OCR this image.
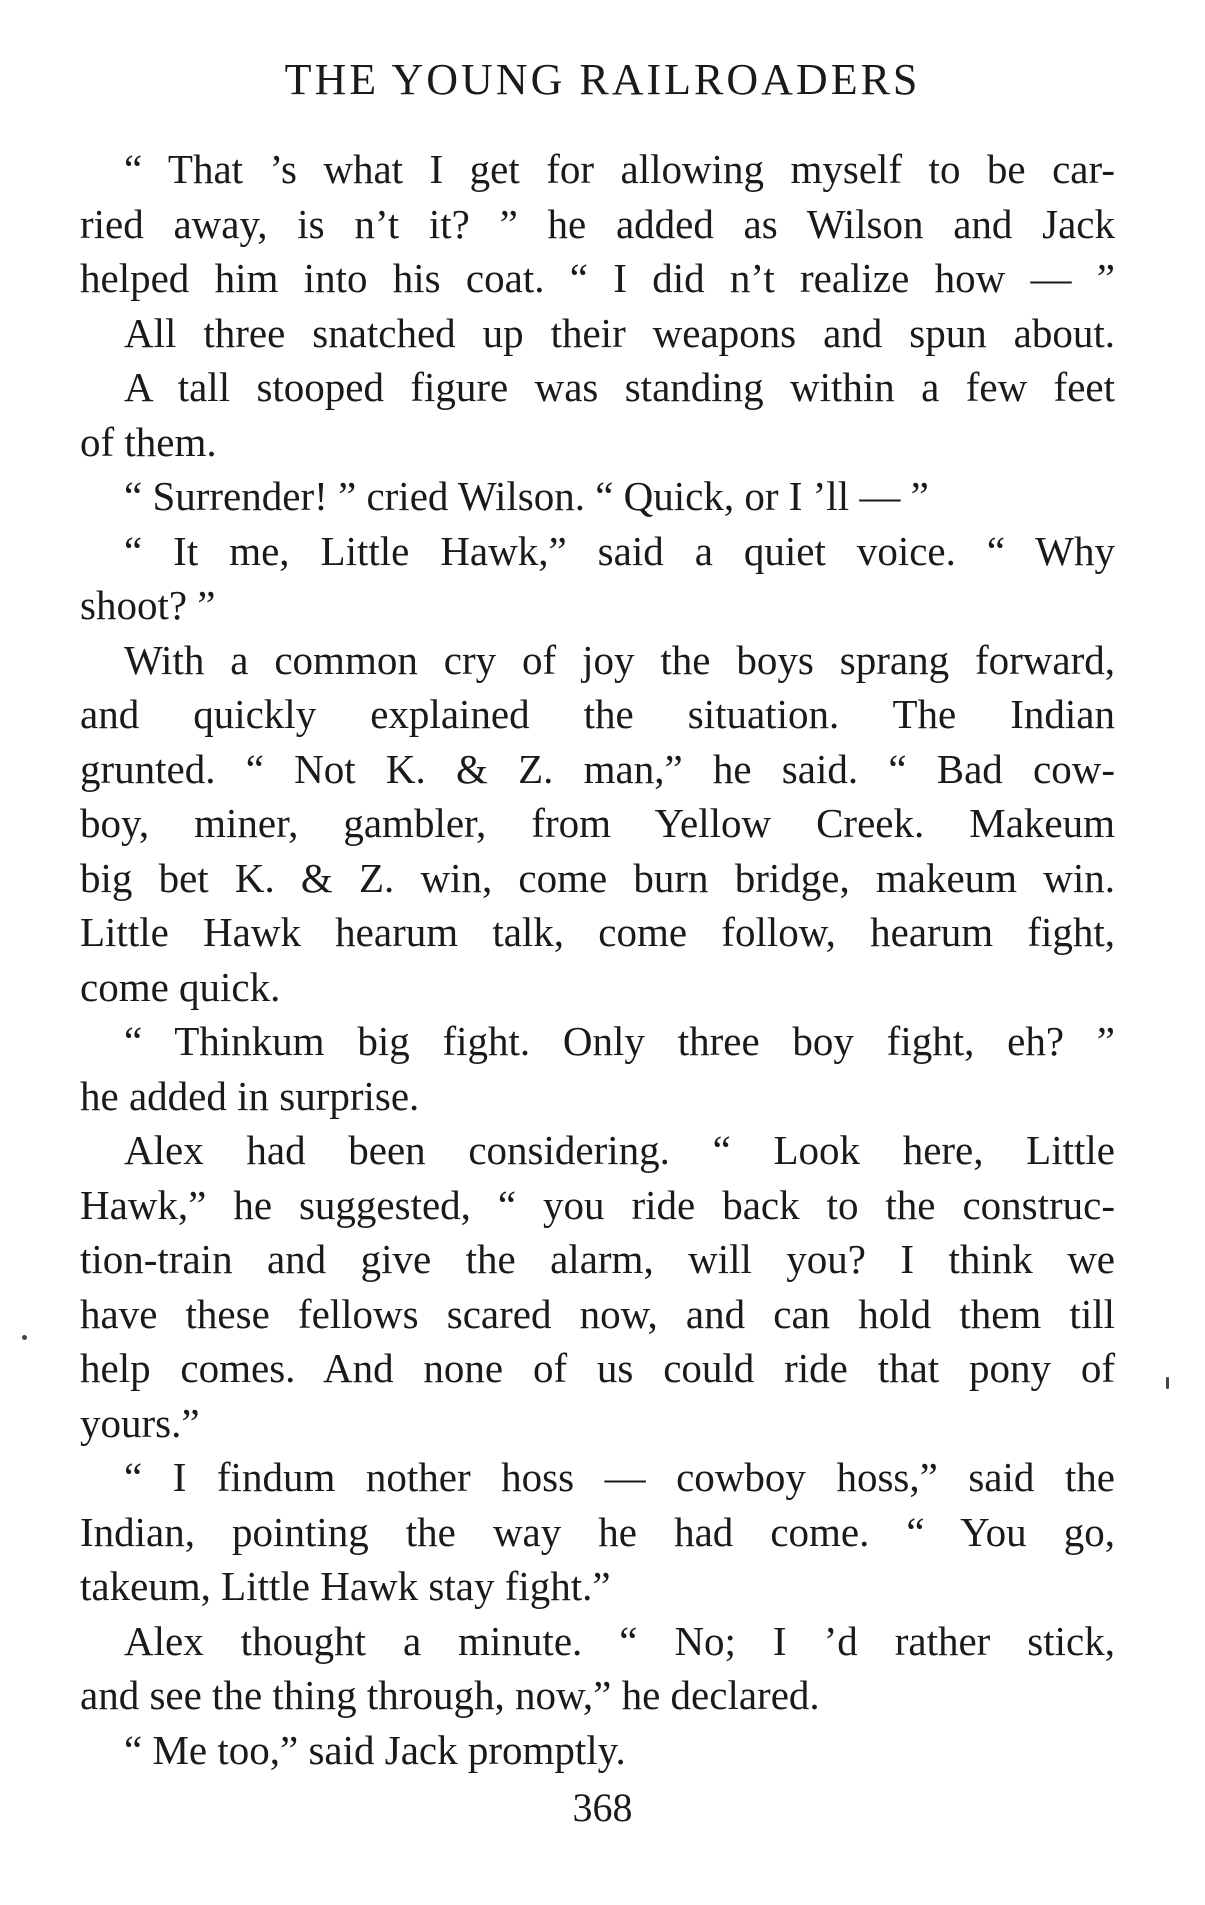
THE YOUNG RAILROADERS
“ That ’s what I get for allowing myself to be car-
ried away, is n’t it? ” he added as Wilson and Jack
helped him into his coat. “ I did n’t realize how — ”
All three snatched up their weapons and spun about.
A tall stooped figure was standing within a few feet
of them.
“ Surrender! ” cried Wilson. “ Quick, or I ’ll — ”
“ It me, Little Hawk,” said a quiet voice. “ Why
shoot? ”
With a common cry of joy the boys sprang forward,
and quickly explained the situation. The Indian
grunted. “ Not K. & Z. man,” he said. “ Bad cow-
boy, miner, gambler, from Yellow Creek. Makeum
big bet K. & Z. win, come burn bridge, makeum win.
Little Hawk hearum talk, come follow, hearum fight,
come quick.
“ Thinkum big fight. Only three boy fight, eh? ”
he added in surprise.
Alex had been considering. “ Look here, Little
Hawk,” he suggested, “ you ride back to the construc-
tion-train and give the alarm, will you? I think we
have these fellows scared now, and can hold them till
help comes. And none of us could ride that pony of
yours.”
“ I findum nother hoss — cowboy hoss,” said the
Indian, pointing the way he had come. “ You go,
takeum, Little Hawk stay fight.”
Alex thought a minute. “ No; I ’d rather stick,
and see the thing through, now,” he declared.
“ Me too,” said Jack promptly.
368
